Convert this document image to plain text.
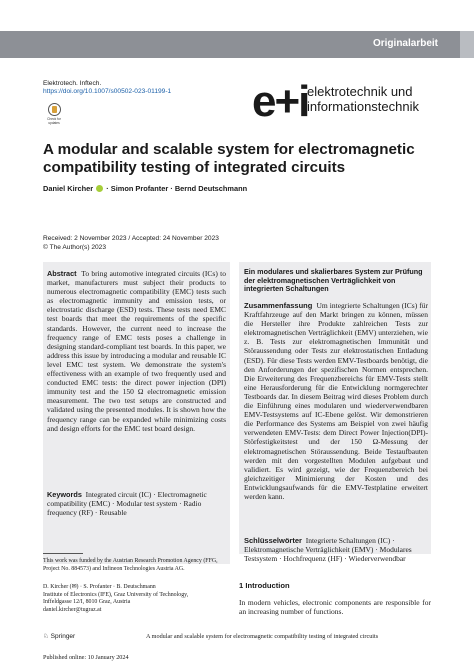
Originalarbeit
Elektrotech. Inftech.
https://doi.org/10.1007/s00502-023-01199-1
Check for updates	e+i
elektrotechnik und
informationstechnik
A modular and scalable system for electromagnetic
compatibility testing of integrated circuits
Daniel Kircher  · Simon Profanter · Bernd Deutschmann
Received: 2 November 2023 / Accepted: 24 November 2023
© The Author(s) 2023
Abstract To bring automotive integrated circuits (ICs) to market, manufacturers must subject their products to numerous electromagnetic compatibility (EMC) tests such as electromagnetic immunity and emission tests, or electrostatic discharge (ESD) tests. These tests need EMC test boards that meet the requirements of the specific standards. However, the current need to increase the frequency range of EMC tests poses a challenge in designing standard-compliant test boards. In this paper, we address this issue by introducing a modular and reusable IC level EMC test system. We demonstrate the system's effectiveness with an example of two frequently used and conducted EMC tests: the direct power injection (DPI) immunity test and the 150 Ω electromagnetic emission measurement. The two test setups are constructed and validated using the presented modules. It is shown how the frequency range can be expanded while minimizing costs and design efforts for the EMC test board design.
Keywords Integrated circuit (IC) · Electromagnetic compatibility (EMC) · Modular test system · Radio frequency (RF) · Reusable
Ein modulares und skalierbares System zur Prüfung der elektromagnetischen Verträglichkeit von integrierten Schaltungen
Zusammenfassung Um integrierte Schaltungen (ICs) für Kraftfahrzeuge auf den Markt bringen zu können, müssen die Hersteller ihre Produkte zahlreichen Tests zur elektromagnetischen Verträglichkeit (EMV) unterziehen, wie z. B. Tests zur elektromagnetischen Immunität und Störaussendung oder Tests zur elektrostatischen Entladung (ESD). Für diese Tests werden EMV-Testboards benötigt, die den Anforderungen der spezifischen Normen entsprechen. Die Erweiterung des Frequenzbereichs für EMV-Tests stellt eine Herausforderung für die Entwicklung normgerechter Testboards dar. In diesem Beitrag wird dieses Problem durch die Einführung eines modularen und wiederverwendbaren EMV-Testsystems auf IC-Ebene gelöst. Wir demonstrieren die Performance des Systems am Beispiel von zwei häufig verwendeten EMV-Tests: dem Direct Power Injection(DPI)-Störfestigkeitstest und der 150 Ω-Messung der elektromagnetischen Störaussendung. Beide Testaufbauten werden mit den vorgestellten Modulen aufgebaut und validiert. Es wird gezeigt, wie der Frequenzbereich bei gleichzeitiger Minimierung der Kosten und des Entwicklungsaufwands für die EMV-Testplatine erweitert werden kann.
Schlüsselwörter Integrierte Schaltungen (IC) · Elektromagnetische Verträglichkeit (EMV) · Modulares Testsystem · Hochfrequenz (HF) · Wiederverwendbar
This work was funded by the Austrian Research Promotion Agency (FFG, Project No. 884573) and Infineon Technologies Austria AG.
D. Kircher (✉) · S. Profanter · B. Deutschmann
Institute of Electronics (IFE), Graz University of Technology,
Inffeldgasse 12/I, 8010 Graz, Austria
daniel.kircher@tugraz.at
1 Introduction
In modern vehicles, electronic components are responsible for an increasing number of functions.
♘ Springer	A modular and scalable system for electromagnetic compatibility testing of integrated circuits
Published online: 10 January 2024
